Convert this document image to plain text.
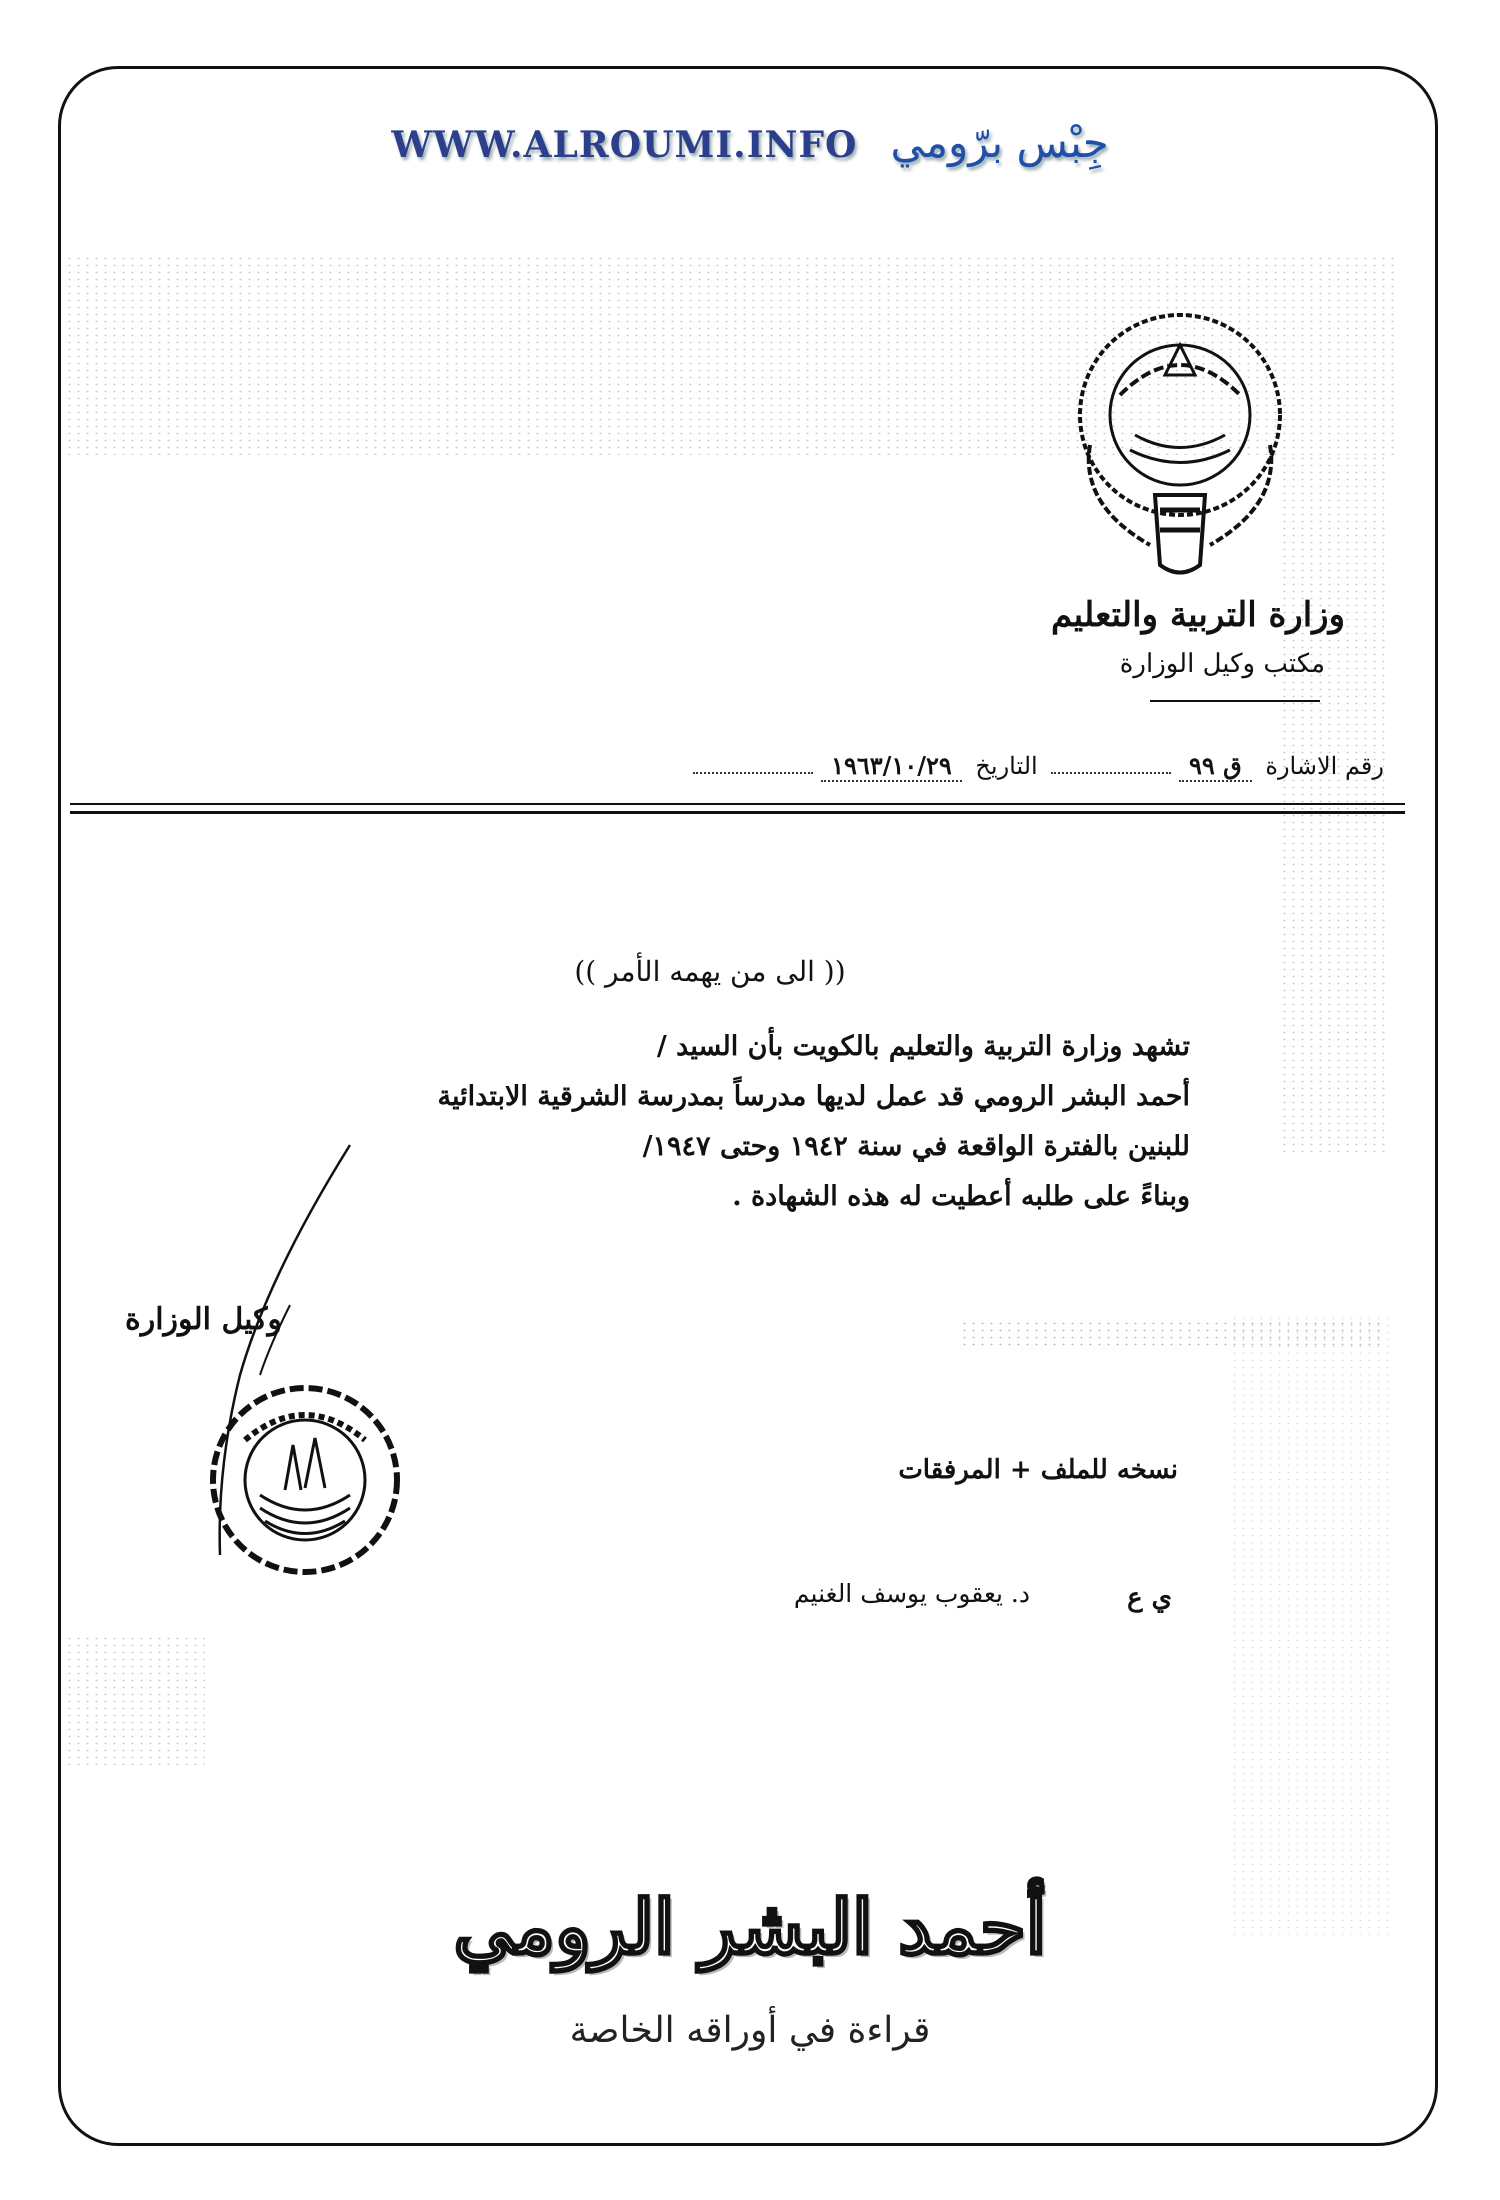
WWW.ALROUMI.INFO جِبْس برّومي
وزارة التربية والتعليم
مكتب وكيل الوزارة
رقم الاشارة ق ٩٩  التاريخ ١٩٦٣/١٠/٢٩
(( الى من يهمه الأمر ))
تشهد وزارة التربية والتعليم بالكويت بأن السيد /
أحمد البشر الرومي قد عمل لديها مدرساً بمدرسة الشرقية الابتدائية
للبنين بالفترة الواقعة في سنة ١٩٤٢ وحتى ١٩٤٧/
وبناءً على طلبه أعطيت له هذه الشهادة .
وكيل الوزارة
نسخه للملف + المرفقات
ي ع
د. يعقوب يوسف الغنيم
أحمد البشر الرومي
قراءة في أوراقه الخاصة
